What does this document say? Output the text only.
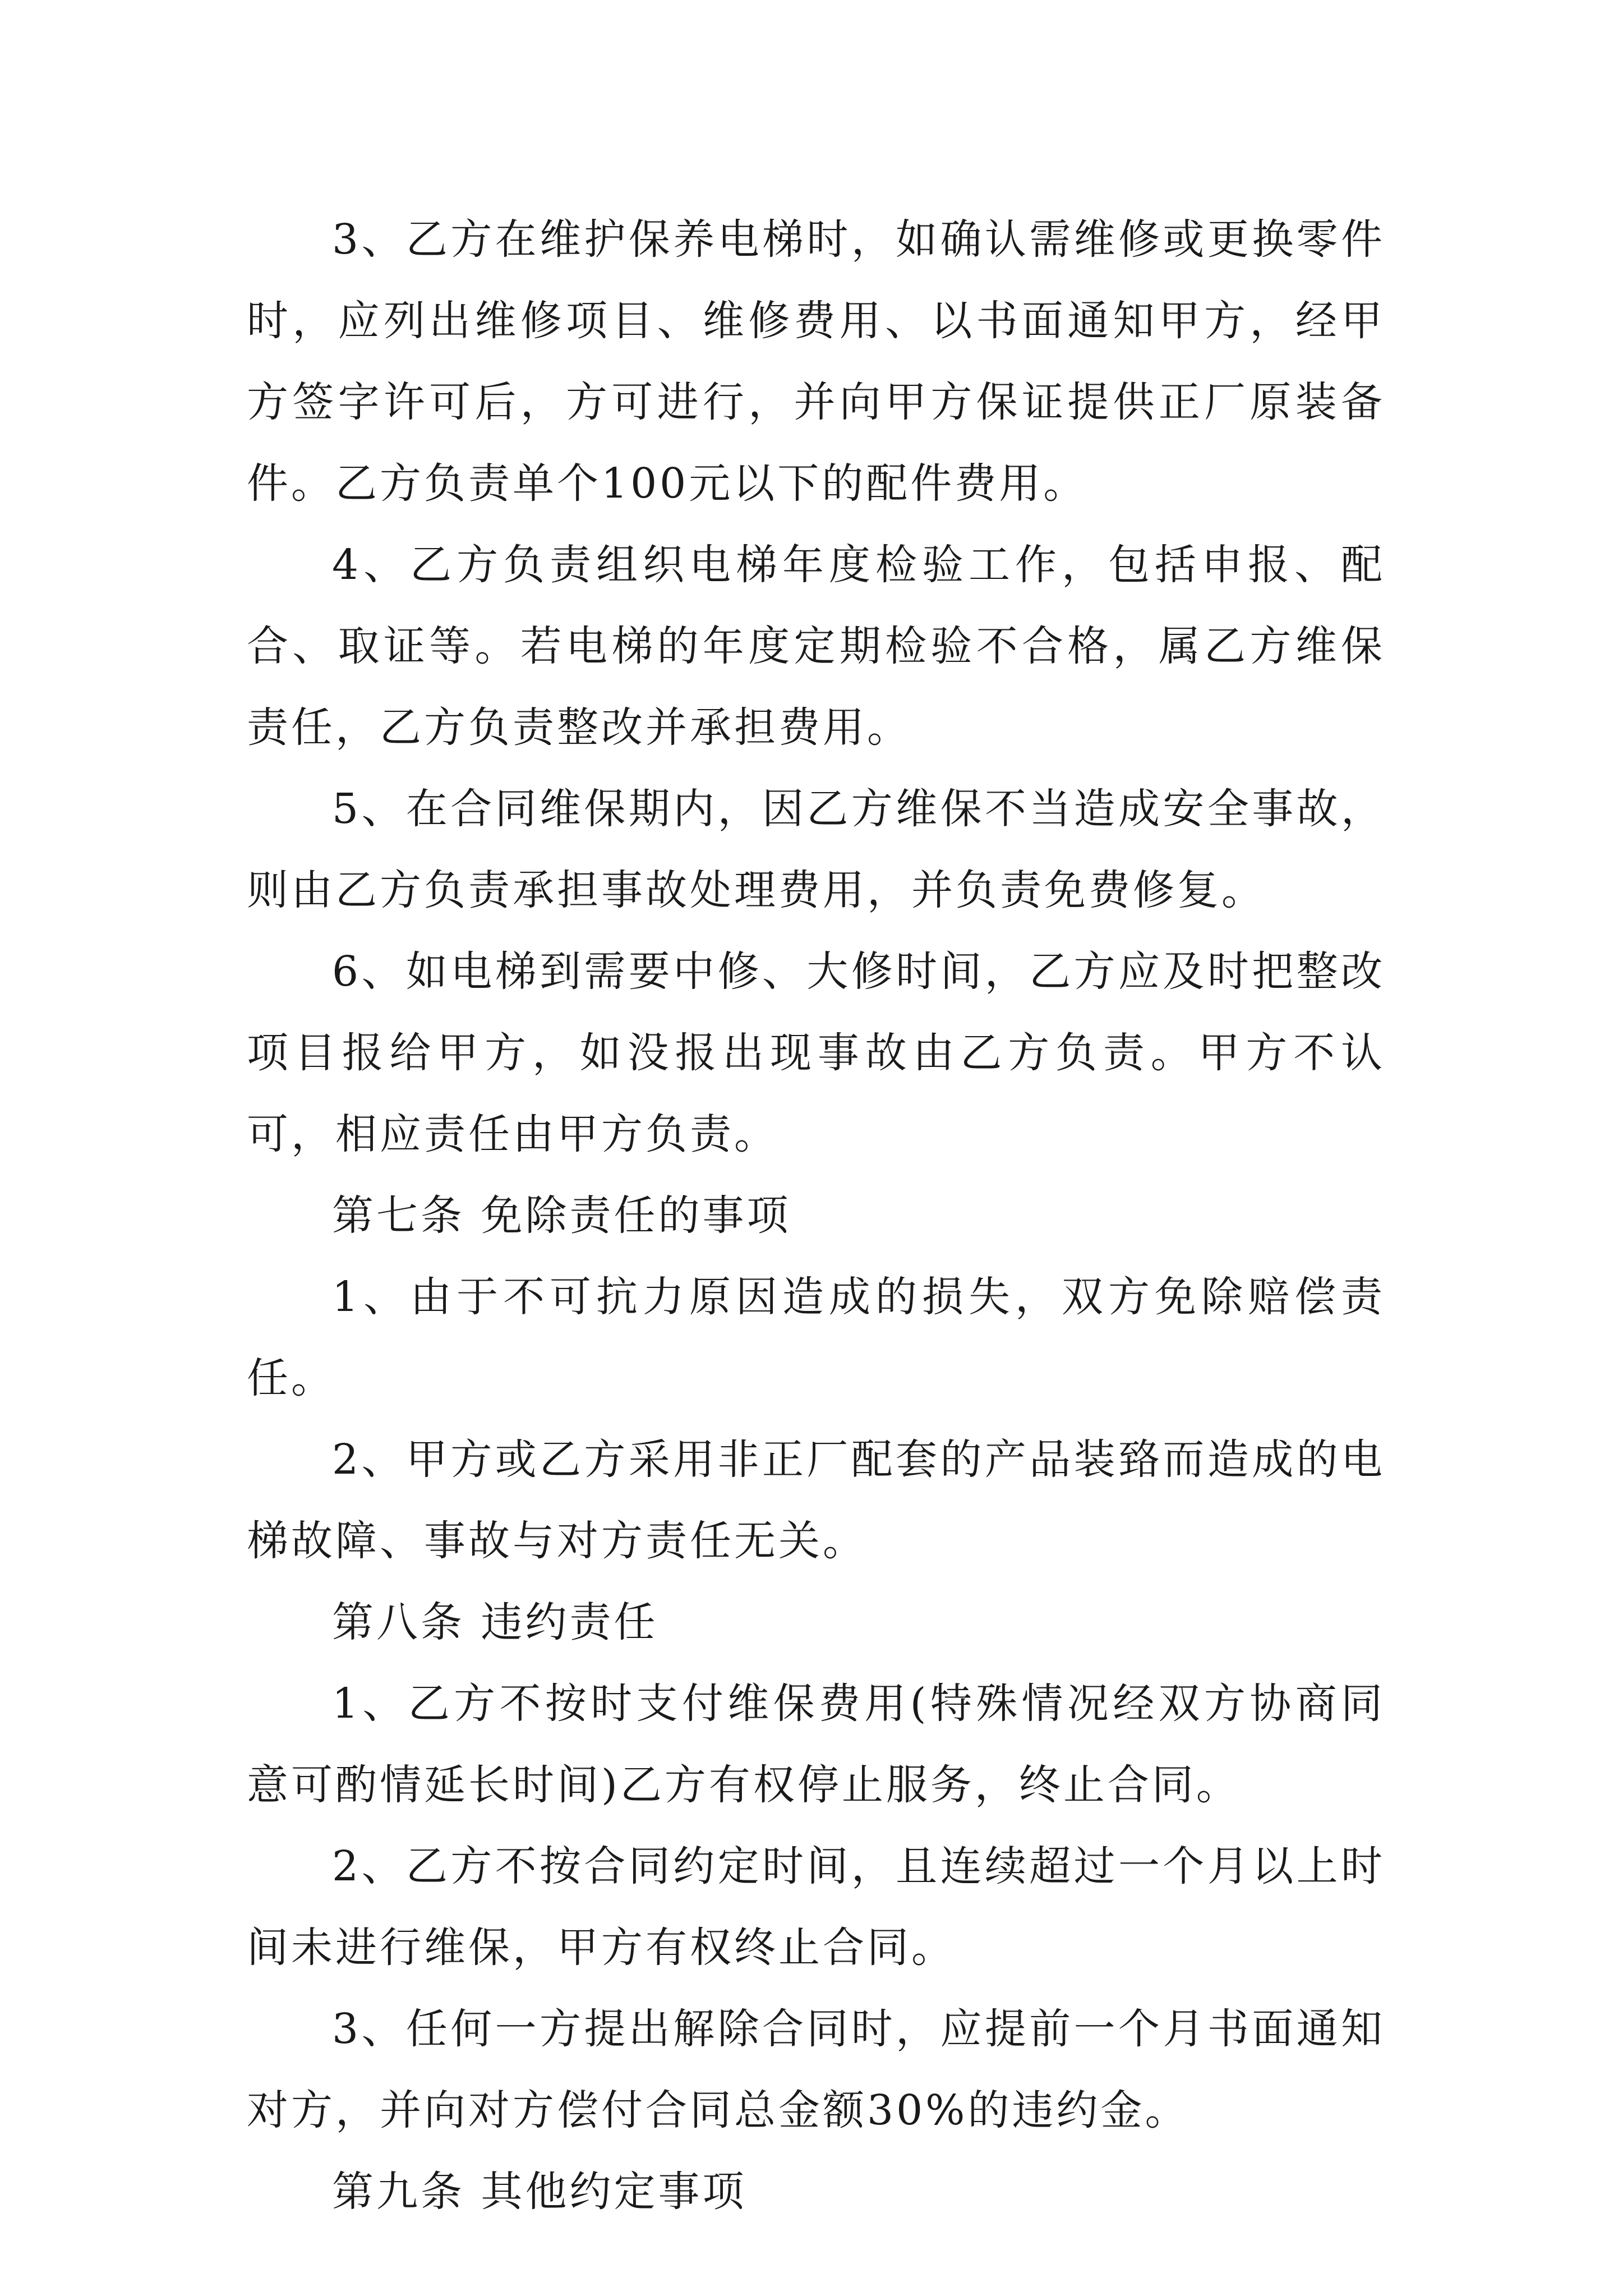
3、乙方在维护保养电梯时，如确认需维修或更换零件时，应列出维修项目、维修费用、以书面通知甲方，经甲方签字许可后，方可进行，并向甲方保证提供正厂原装备件。乙方负责单个100元以下的配件费用。

4、乙方负责组织电梯年度检验工作，包括申报、配合、取证等。若电梯的年度定期检验不合格，属乙方维保责任，乙方负责整改并承担费用。

5、在合同维保期内，因乙方维保不当造成安全事故，则由乙方负责承担事故处理费用，并负责免费修复。

6、如电梯到需要中修、大修时间，乙方应及时把整改项目报给甲方，如没报出现事故由乙方负责。甲方不认可，相应责任由甲方负责。

第七条 免除责任的事项

1、由于不可抗力原因造成的损失，双方免除赔偿责任。

2、甲方或乙方采用非正厂配套的产品装臵而造成的电梯故障、事故与对方责任无关。

第八条 违约责任

1、乙方不按时支付维保费用(特殊情况经双方协商同意可酌情延长时间)乙方有权停止服务，终止合同。

2、乙方不按合同约定时间，且连续超过一个月以上时间未进行维保，甲方有权终止合同。

3、任何一方提出解除合同时，应提前一个月书面通知对方，并向对方偿付合同总金额30%的违约金。

第九条 其他约定事项
